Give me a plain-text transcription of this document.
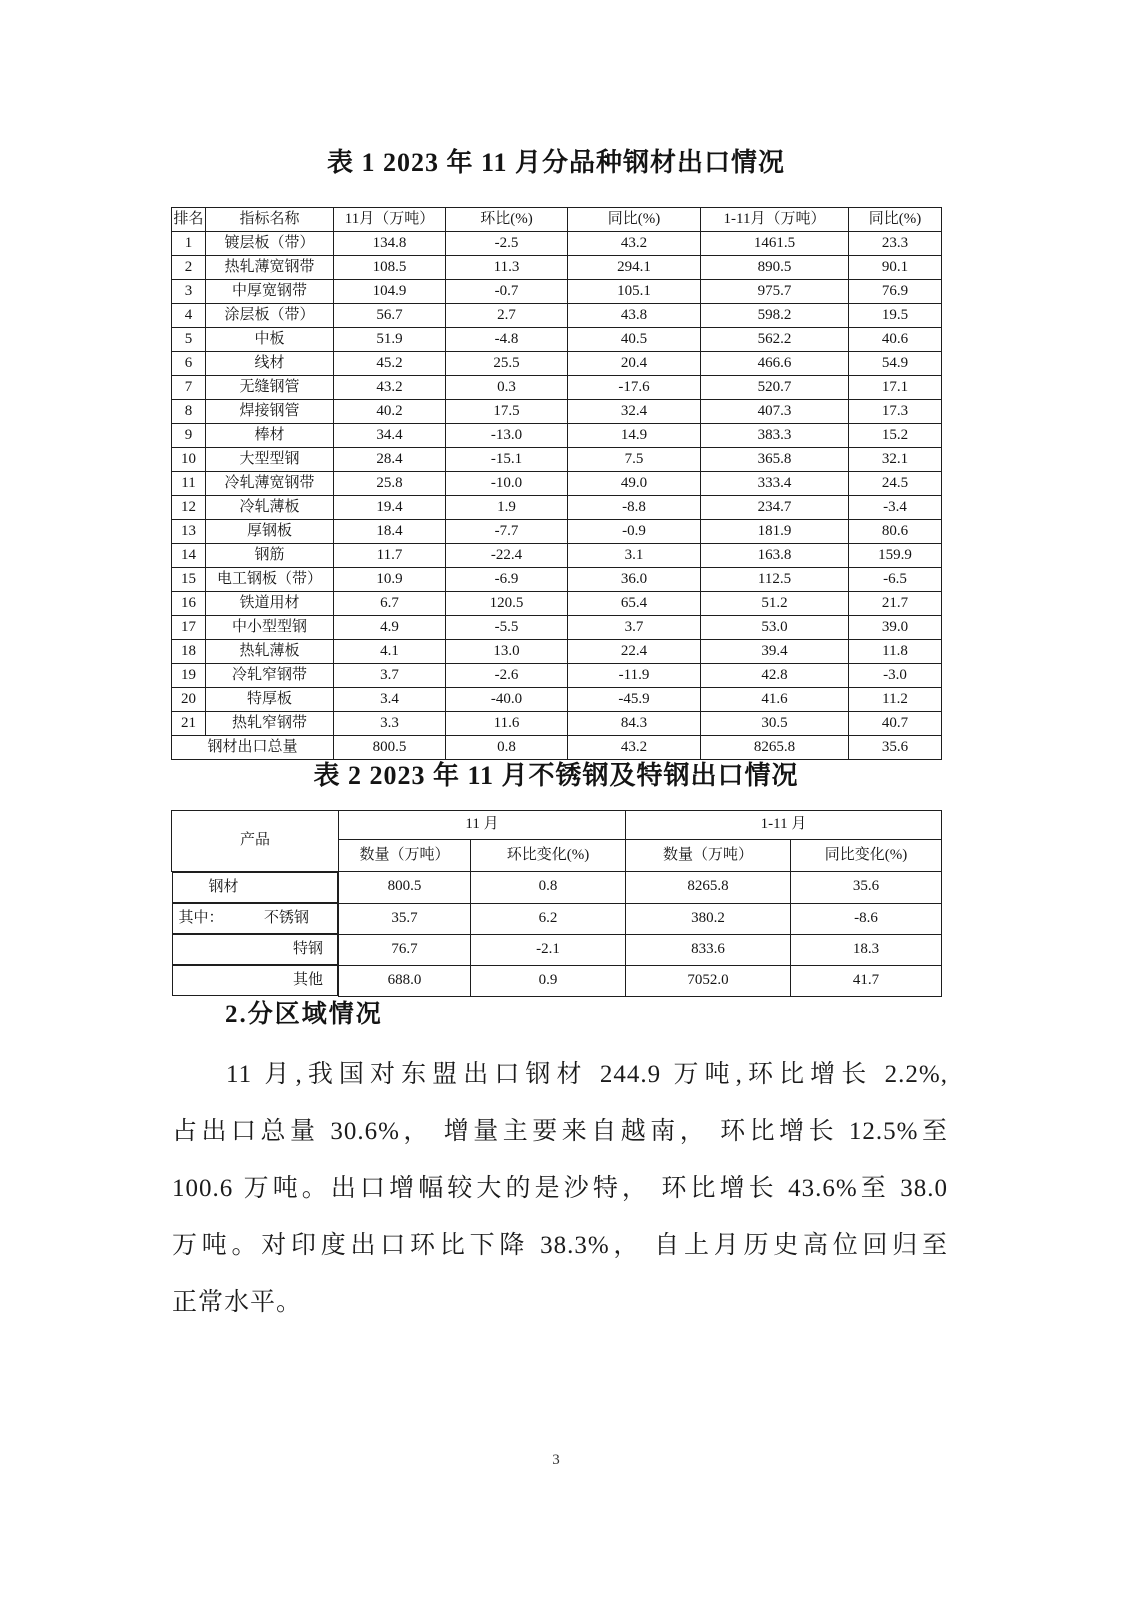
表 1 2023 年 11 月分品种钢材出口情况
排名	指标名称	11月（万吨）	环比(%)	同比(%)	1-11月（万吨）	同比(%)
1	镀层板（带）	134.8	-2.5	43.2	1461.5	23.3
2	热轧薄宽钢带	108.5	11.3	294.1	890.5	90.1
3	中厚宽钢带	104.9	-0.7	105.1	975.7	76.9
4	涂层板（带）	56.7	2.7	43.8	598.2	19.5
5	中板	51.9	-4.8	40.5	562.2	40.6
6	线材	45.2	25.5	20.4	466.6	54.9
7	无缝钢管	43.2	0.3	-17.6	520.7	17.1
8	焊接钢管	40.2	17.5	32.4	407.3	17.3
9	棒材	34.4	-13.0	14.9	383.3	15.2
10	大型型钢	28.4	-15.1	7.5	365.8	32.1
11	冷轧薄宽钢带	25.8	-10.0	49.0	333.4	24.5
12	冷轧薄板	19.4	1.9	-8.8	234.7	-3.4
13	厚钢板	18.4	-7.7	-0.9	181.9	80.6
14	钢筋	11.7	-22.4	3.1	163.8	159.9
15	电工钢板（带）	10.9	-6.9	36.0	112.5	-6.5
16	铁道用材	6.7	120.5	65.4	51.2	21.7
17	中小型型钢	4.9	-5.5	3.7	53.0	39.0
18	热轧薄板	4.1	13.0	22.4	39.4	11.8
19	冷轧窄钢带	3.7	-2.6	-11.9	42.8	-3.0
20	特厚板	3.4	-40.0	-45.9	41.6	11.2
21	热轧窄钢带	3.3	11.6	84.3	30.5	40.7
钢材出口总量		800.5	0.8	43.2	8265.8	35.6
表 2 2023 年 11 月不锈钢及特钢出口情况
产品	11 月		1-11 月	
	数量（万吨）	环比变化(%)	数量（万吨）	同比变化(%)

钢材	800.5	0.8	8265.8	35.6

其中：	不锈钢	35.7	6.2	380.2	-8.6

特钢	76.7	-2.1	833.6	18.3

其他	688.0	0.9	7052.0	41.7
2.分区域情况
11 月,我国对东盟出口钢材 244.9 万吨,环比增长 2.2%,
占出口总量 30.6%， 增量主要来自越南， 环比增长 12.5%至
100.6 万吨。出口增幅较大的是沙特， 环比增长 43.6%至 38.0
万吨。对印度出口环比下降 38.3%， 自上月历史高位回归至
正常水平。
3
